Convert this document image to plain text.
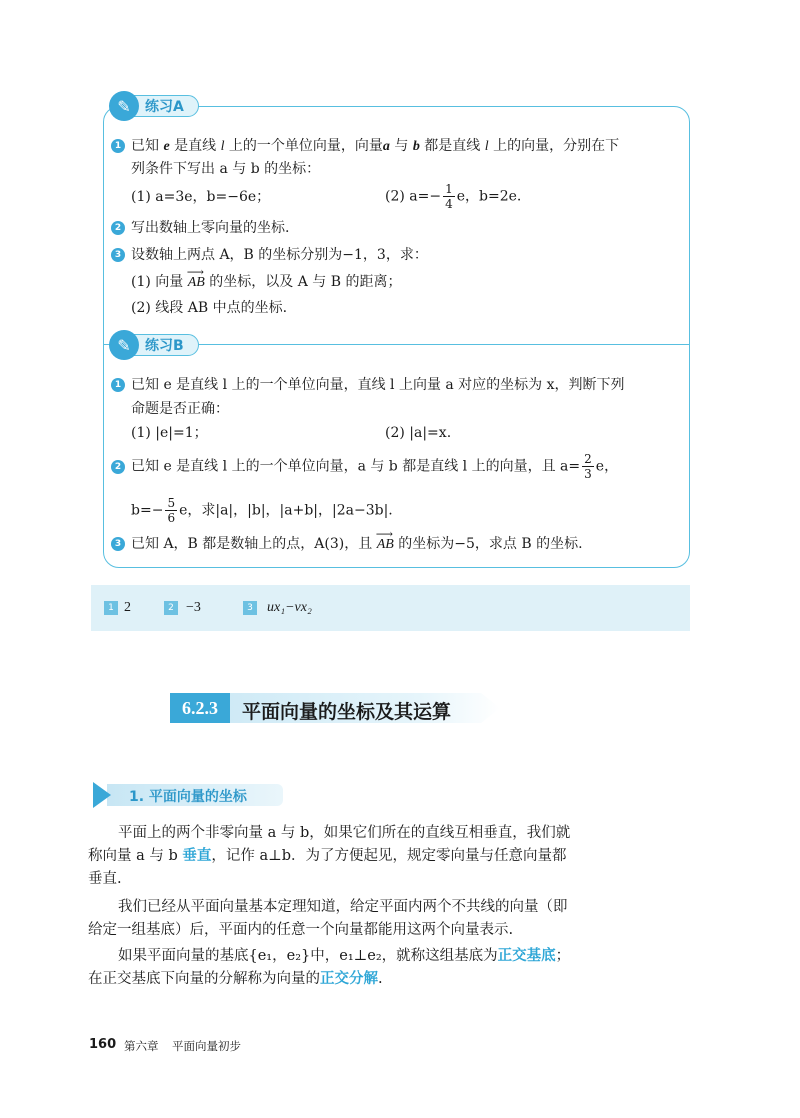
✎	练习A
1 已知 e 是直线 l 上的一个单位向量，向量a 与 b 都是直线 l 上的向量，分别在下
列条件下写出 a 与 b 的坐标：
(1) a=3e，b=−6e；	(2) $a=- \frac{1}{4}$ e，b=2e.
2 写出数轴上零向量的坐标.
3 设数轴上两点 A，B 的坐标分别为−1，3，求：
(1) 向量 ⟶ AB 的坐标，以及 A 与 B 的距离；
(2) 线段 AB 中点的坐标.
✎	练习B
1 已知 e 是直线 l 上的一个单位向量，直线 l 上向量 a 对应的坐标为 x，判断下列
命题是否正确：
(1) |e|=1；	(2) |a|=x.
2 已知 e 是直线 l 上的一个单位向量，a 与 b 都是直线 l 上的向量，且 $a= \frac{2}{3}$ e，
$b=- \frac{5}{6}$ e，求|a|，|b|，|a+b|，|2a−3b|.
3 已知 A，B 都是数轴上的点，A(3)，且 ⟶ AB 的坐标为−5，求点 B 的坐标.
1 2	2 −3	3 ux₁−vx₂
6.2.3	平面向量的坐标及其运算
1. 平面向量的坐标
平面上的两个非零向量 a 与 b，如果它们所在的直线互相垂直，我们就
称向量 a 与 b 垂直，记作 a⊥b．为了方便起见，规定零向量与任意向量都
垂直.
我们已经从平面向量基本定理知道，给定平面内两个不共线的向量（即
给定一组基底）后，平面内的任意一个向量都能用这两个向量表示.
如果平面向量的基底{e₁，e₂}中，e₁⊥e₂，就称这组基底为正交基底；
在正交基底下向量的分解称为向量的正交分解.
160 第六章 平面向量初步
